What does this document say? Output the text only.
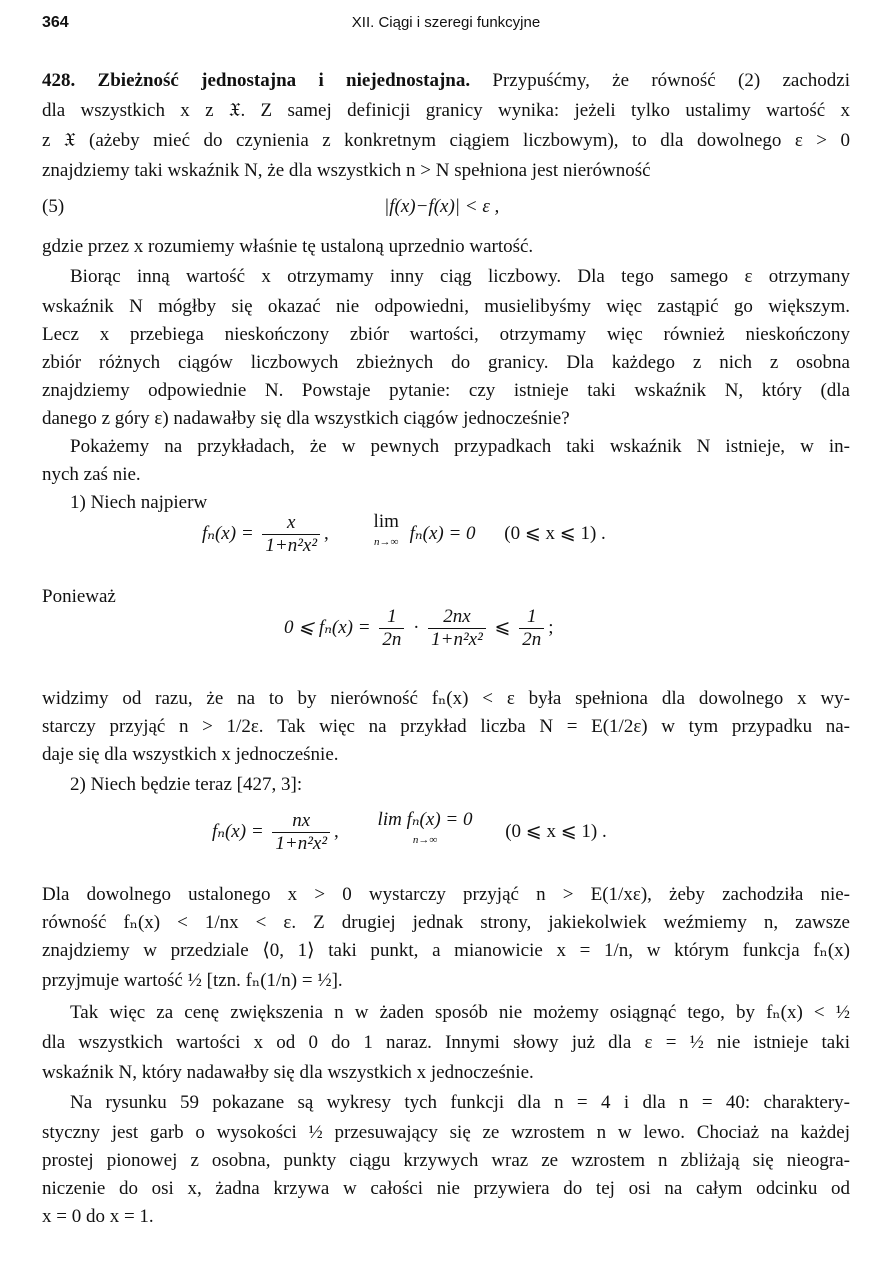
364	XII. Ciągi i szeregi funkcyjne
428. Zbieżność jednostajna i niejednostajna. Przypuśćmy, że równość (2) zachodzi
dla wszystkich x z 𝔛. Z samej definicji granicy wynika: jeżeli tylko ustalimy wartość x
z 𝔛 (ażeby mieć do czynienia z konkretnym ciągiem liczbowym), to dla dowolnego ε > 0
znajdziemy taki wskaźnik N, że dla wszystkich n > N spełniona jest nierówność
(5)	|f(x)−f(x)| < ε ,
gdzie przez x rozumiemy właśnie tę ustaloną uprzednio wartość.
Biorąc inną wartość x otrzymamy inny ciąg liczbowy. Dla tego samego ε otrzymany
wskaźnik N mógłby się okazać nie odpowiedni, musielibyśmy więc zastąpić go większym.
Lecz x przebiega nieskończony zbiór wartości, otrzymamy więc również nieskończony
zbiór różnych ciągów liczbowych zbieżnych do granicy. Dla każdego z nich z osobna
znajdziemy odpowiednie N. Powstaje pytanie: czy istnieje taki wskaźnik N, który (dla
danego z góry ε) nadawałby się dla wszystkich ciągów jednocześnie?
Pokażemy na przykładach, że w pewnych przypadkach taki wskaźnik N istnieje, w in-
nych zaś nie.
1) Niech najpierw
$f_n(x) = \frac{x}{\text{1+n²x²}}$ , lim
n→∞ fₙ(x) = 0 (0 ⩽ x ⩽ 1) .
Ponieważ
0 ⩽ $f_n(x) = \frac{1}{2n} \cdot \frac{2nx}{\text{1+n²x²}}$ ⩽ $\frac{1}{2n}$ ;
widzimy od razu, że na to by nierówność fₙ(x) < ε była spełniona dla dowolnego x wy-
starczy przyjąć n > 1/2ε. Tak więc na przykład liczba N = E(1/2ε) w tym przypadku na-
daje się dla wszystkich x jednocześnie.
2) Niech będzie teraz [427, 3]:
$f_n(x) = \frac{nx}{\text{1+n²x²}}$ , lim fₙ(x) = 0
n→∞	(0 ⩽ x ⩽ 1) .
Dla dowolnego ustalonego x > 0 wystarczy przyjąć n > E(1/xε), żeby zachodziła nie-
równość fₙ(x) < 1/nx < ε. Z drugiej jednak strony, jakiekolwiek weźmiemy n, zawsze
znajdziemy w przedziale ⟨0, 1⟩ taki punkt, a mianowicie x = 1/n, w którym funkcja fₙ(x)
przyjmuje wartość ½ [tzn. fₙ(1/n) = ½].
Tak więc za cenę zwiększenia n w żaden sposób nie możemy osiągnąć tego, by fₙ(x) < ½
dla wszystkich wartości x od 0 do 1 naraz. Innymi słowy już dla ε = ½ nie istnieje taki
wskaźnik N, który nadawałby się dla wszystkich x jednocześnie.
Na rysunku 59 pokazane są wykresy tych funkcji dla n = 4 i dla n = 40: charaktery-
styczny jest garb o wysokości ½ przesuwający się ze wzrostem n w lewo. Chociaż na każdej
prostej pionowej z osobna, punkty ciągu krzywych wraz ze wzrostem n zbliżają się nieogra-
niczenie do osi x, żadna krzywa w całości nie przywiera do tej osi na całym odcinku od
x = 0 do x = 1.
